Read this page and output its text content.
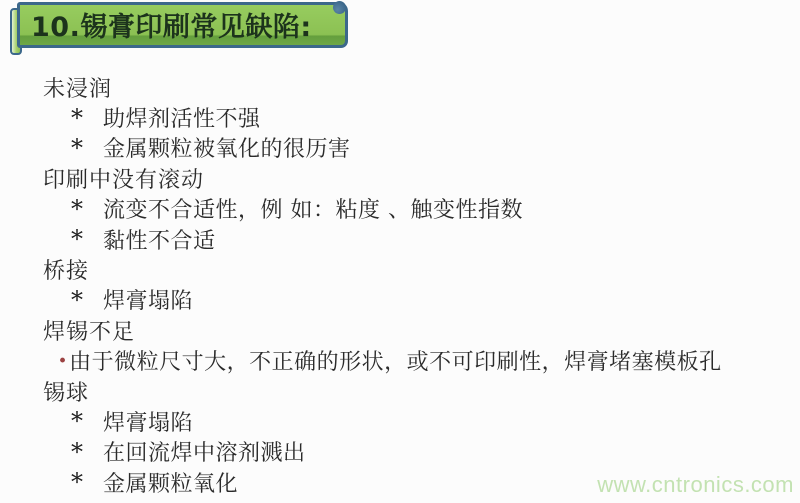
10.锡膏印刷常见缺陷:
未浸润
* 助焊剂活性不强
* 金属颗粒被氧化的很历害
印刷中没有滚动
* 流变不合适性，例 如：粘度 、触变性指数
* 黏性不合适
桥接
* 焊膏塌陷
焊锡不足
· 由于微粒尺寸大，不正确的形状，或不可印刷性，焊膏堵塞模板孔
锡球
* 焊膏塌陷
* 在回流焊中溶剂溅出
* 金属颗粒氧化	www.cntronics.com
